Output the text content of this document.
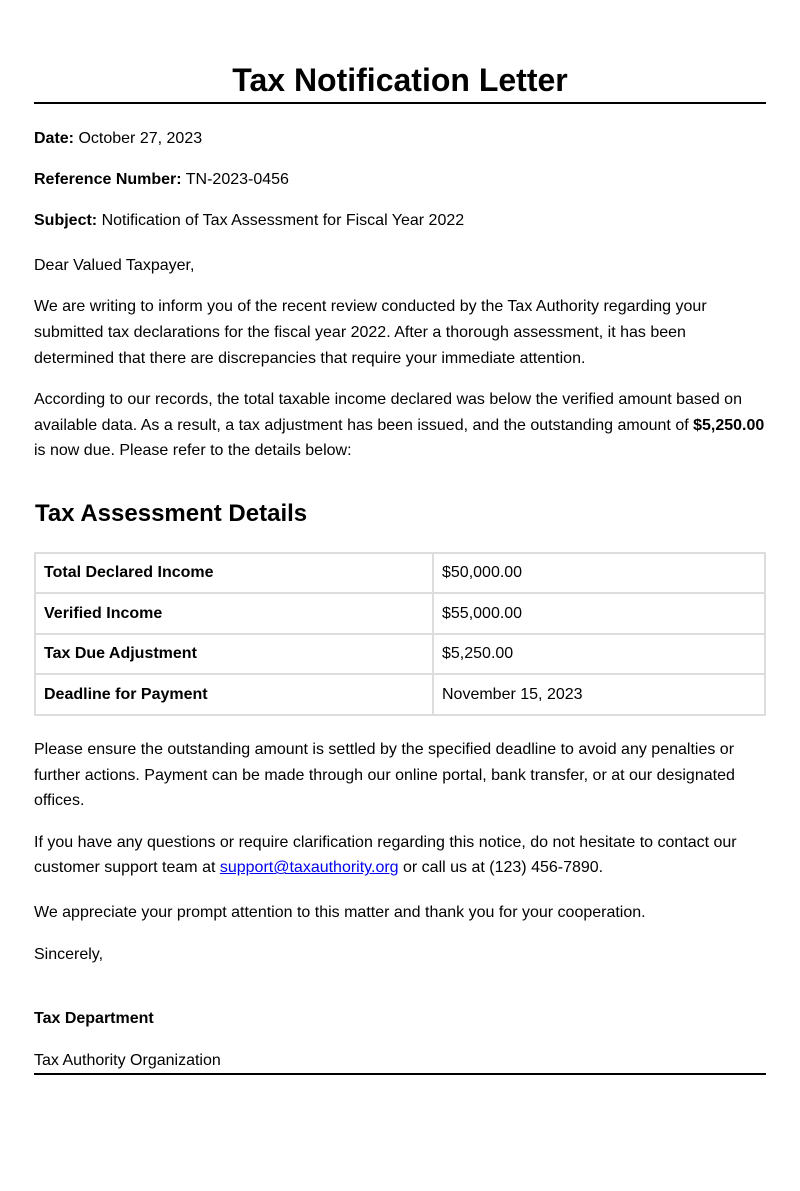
Tax Notification Letter

Date: October 27, 2023

Reference Number: TN-2023-0456

Subject: Notification of Tax Assessment for Fiscal Year 2022

Dear Valued Taxpayer,

We are writing to inform you of the recent review conducted by the Tax Authority regarding your submitted tax declarations for the fiscal year 2022. After a thorough assessment, it has been determined that there are discrepancies that require your immediate attention.

According to our records, the total taxable income declared was below the verified amount based on available data. As a result, a tax adjustment has been issued, and the outstanding amount of $5,250.00 is now due. Please refer to the details below:

Tax Assessment Details
Total Declared Income	$50,000.00
Verified Income	$55,000.00
Tax Due Adjustment	$5,250.00
Deadline for Payment	November 15, 2023

Please ensure the outstanding amount is settled by the specified deadline to avoid any penalties or further actions. Payment can be made through our online portal, bank transfer, or at our designated offices.

If you have any questions or require clarification regarding this notice, do not hesitate to contact our customer support team at support@taxauthority.org or call us at (123) 456-7890.

We appreciate your prompt attention to this matter and thank you for your cooperation.

Sincerely,

Tax Department

Tax Authority Organization
